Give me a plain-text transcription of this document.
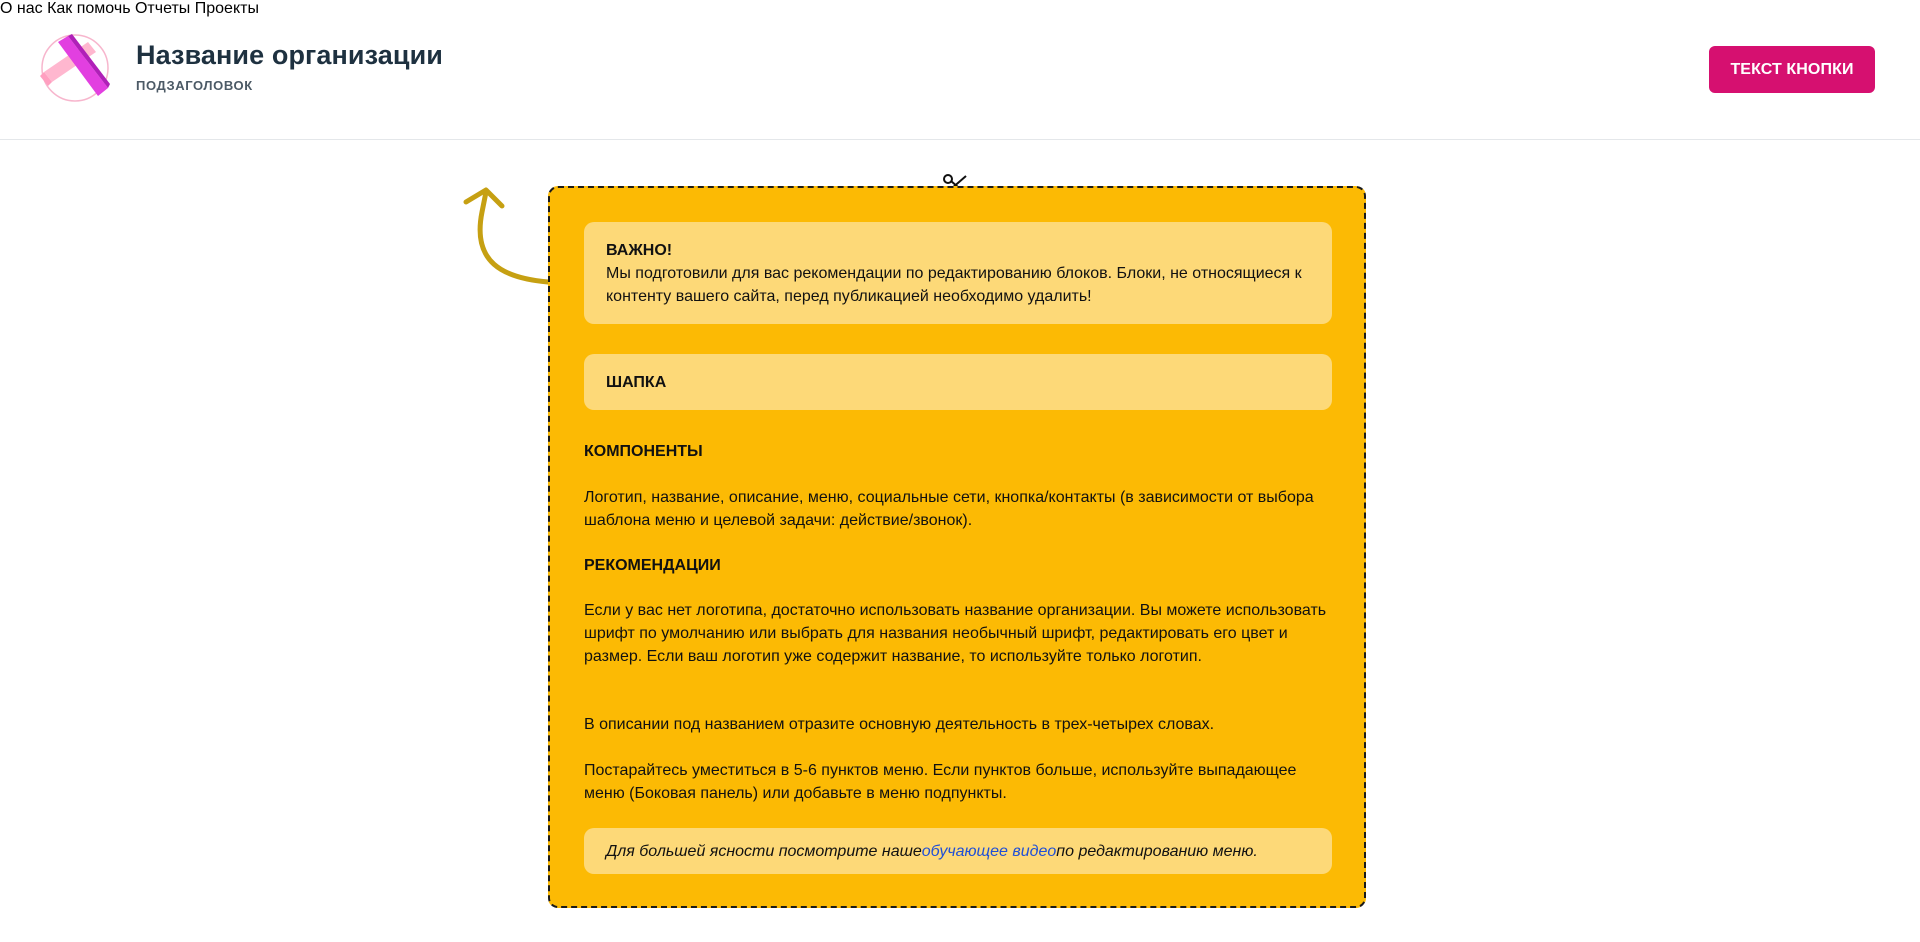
Название организации
ПОДЗАГОЛОВОК
О нас Как помочь Отчеты Проекты
ТЕКСТ КНОПКИ
ВАЖНО!
Мы подготовили для вас рекомендации по редактированию блоков. Блоки, не относящиеся к контенту вашего сайта, перед публикацией необходимо удалить!
ШАПКА
КОМПОНЕНТЫ
Логотип, название, описание, меню, социальные сети, кнопка/контакты (в зависимости от выбора шаблона меню и целевой задачи: действие/звонок).
РЕКОМЕНДАЦИИ
Если у вас нет логотипа, достаточно использовать название организации. Вы можете использовать шрифт по умолчанию или выбрать для названия необычный шрифт, редактировать его цвет и размер. Если ваш логотип уже содержит название, то используйте только логотип.
В описании под названием отразите основную деятельность в трех-четырех словах.
Постарайтесь уместиться в 5-6 пунктов меню. Если пунктов больше, используйте выпадающее меню (Боковая панель) или добавьте в меню подпункты.
Для большей ясности посмотрите наше обучающее видео по редактированию меню.
